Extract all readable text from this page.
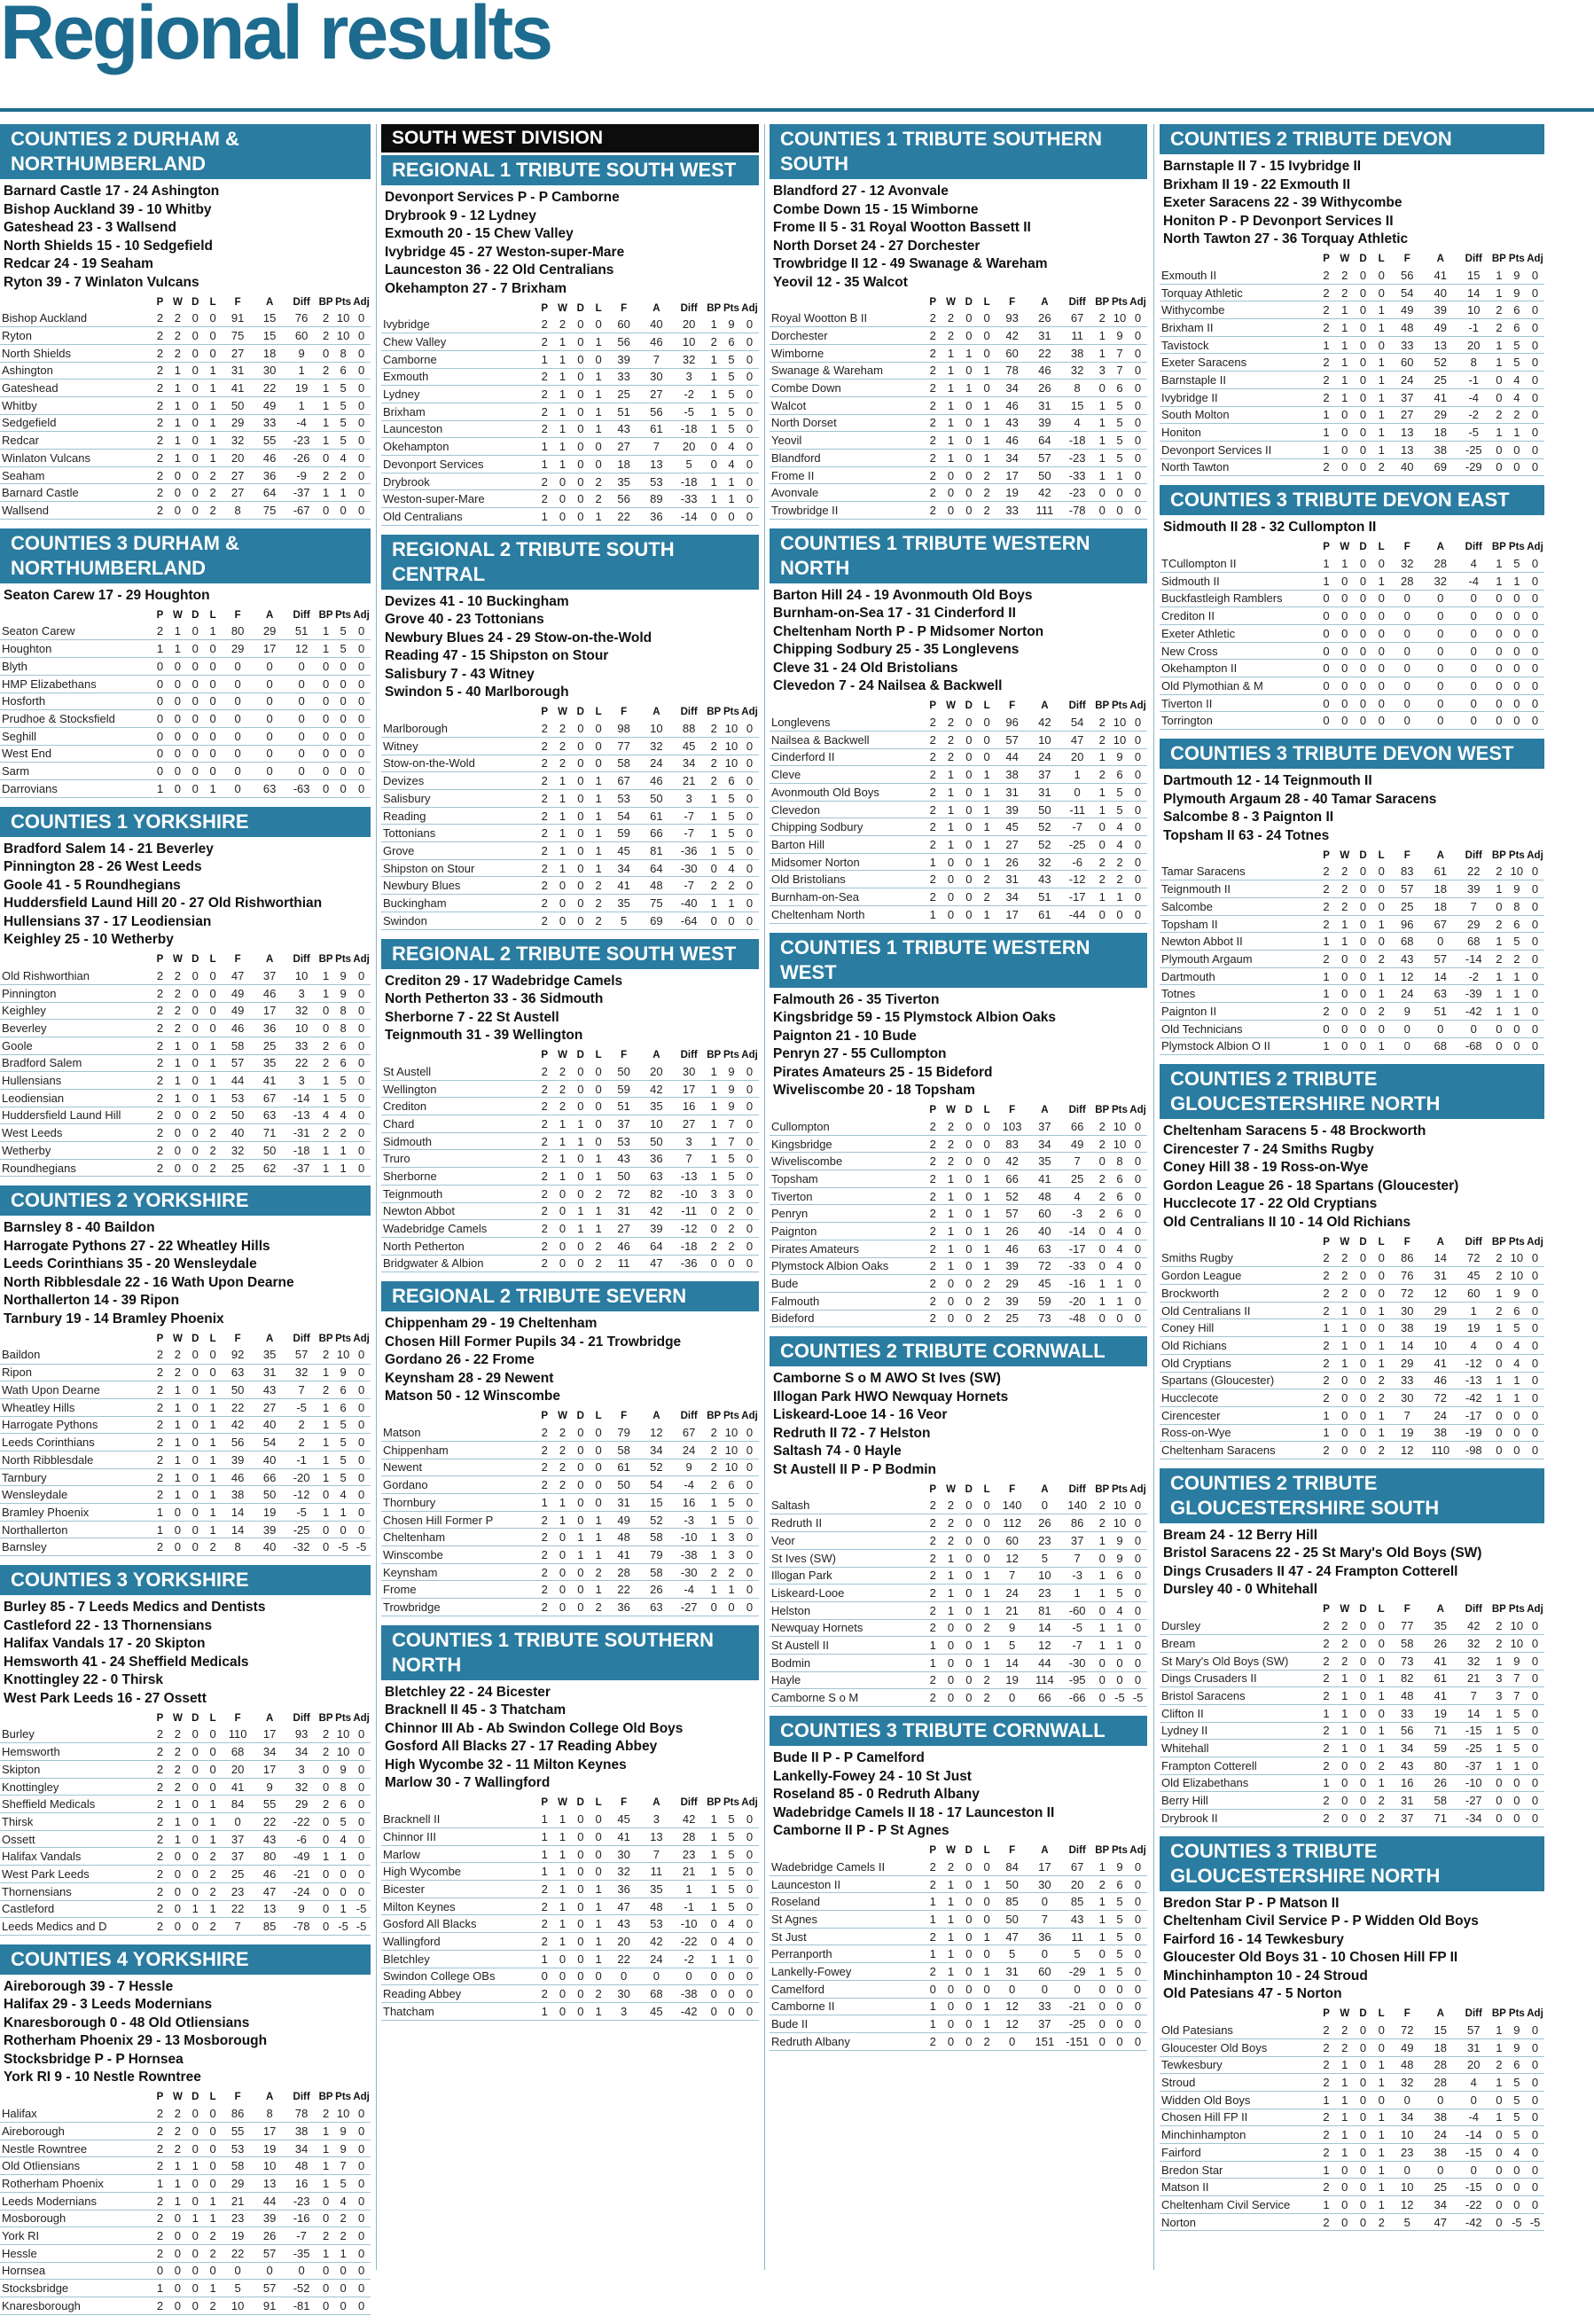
Regional results
COUNTIES 2 DURHAM & NORTHUMBERLAND
Barnard Castle 17 - 24 Ashington
Bishop Auckland 39 - 10 Whitby
Gateshead 23 - 3 Wallsend
North Shields 15 - 10 Sedgefield
Redcar 24 - 19 Seaham
Ryton 39 - 7 Winlaton Vulcans
	P	W	D	L	F	A	Diff	BP	Pts	Adj
Bishop Auckland	2	2	0	0	91	15	76	2	10	0
Ryton	2	2	0	0	75	15	60	2	10	0
North Shields	2	2	0	0	27	18	9	0	8	0
Ashington	2	1	0	1	31	30	1	2	6	0
Gateshead	2	1	0	1	41	22	19	1	5	0
Whitby	2	1	0	1	50	49	1	1	5	0
Sedgefield	2	1	0	1	29	33	-4	1	5	0
Redcar	2	1	0	1	32	55	-23	1	5	0
Winlaton Vulcans	2	1	0	1	20	46	-26	0	4	0
Seaham	2	0	0	2	27	36	-9	2	2	0
Barnard Castle	2	0	0	2	27	64	-37	1	1	0
Wallsend	2	0	0	2	8	75	-67	0	0	0
COUNTIES 3 DURHAM & NORTHUMBERLAND
Seaton Carew 17 - 29 Houghton
	P	W	D	L	F	A	Diff	BP	Pts	Adj
Seaton Carew	2	1	0	1	80	29	51	1	5	0
Houghton	1	1	0	0	29	17	12	1	5	0
Blyth	0	0	0	0	0	0	0	0	0	0
HMP Elizabethans	0	0	0	0	0	0	0	0	0	0
Hosforth	0	0	0	0	0	0	0	0	0	0
Prudhoe & Stocksfield	0	0	0	0	0	0	0	0	0	0
Seghill	0	0	0	0	0	0	0	0	0	0
West End	0	0	0	0	0	0	0	0	0	0
Sarm	0	0	0	0	0	0	0	0	0	0
Darrovians	1	0	0	1	0	63	-63	0	0	0
COUNTIES 1 YORKSHIRE
Bradford Salem 14 - 21 Beverley
Pinnington 28 - 26 West Leeds
Goole 41 - 5 Roundhegians
Huddersfield Laund Hill 20 - 27 Old Rishworthian
Hullensians 37 - 17 Leodiensian
Keighley 25 - 10 Wetherby
	P	W	D	L	F	A	Diff	BP	Pts	Adj
Old Rishworthian	2	2	0	0	47	37	10	1	9	0
Pinnington	2	2	0	0	49	46	3	1	9	0
Keighley	2	2	0	0	49	17	32	0	8	0
Beverley	2	2	0	0	46	36	10	0	8	0
Goole	2	1	0	1	58	25	33	2	6	0
Bradford Salem	2	1	0	1	57	35	22	2	6	0
Hullensians	2	1	0	1	44	41	3	1	5	0
Leodiensian	2	1	0	1	53	67	-14	1	5	0
Huddersfield Laund Hill	2	0	0	2	50	63	-13	4	4	0
West Leeds	2	0	0	2	40	71	-31	2	2	0
Wetherby	2	0	0	2	32	50	-18	1	1	0
Roundhegians	2	0	0	2	25	62	-37	1	1	0
COUNTIES 2 YORKSHIRE
Barnsley 8 - 40 Baildon
Harrogate Pythons 27 - 22 Wheatley Hills
Leeds Corinthians 35 - 20 Wensleydale
North Ribblesdale 22 - 16 Wath Upon Dearne
Northallerton 14 - 39 Ripon
Tarnbury 19 - 14 Bramley Phoenix
	P	W	D	L	F	A	Diff	BP	Pts	Adj
Baildon	2	2	0	0	92	35	57	2	10	0
Ripon	2	2	0	0	63	31	32	1	9	0
Wath Upon Dearne	2	1	0	1	50	43	7	2	6	0
Wheatley Hills	2	1	0	1	22	27	-5	1	6	0
Harrogate Pythons	2	1	0	1	42	40	2	1	5	0
Leeds Corinthians	2	1	0	1	56	54	2	1	5	0
North Ribblesdale	2	1	0	1	39	40	-1	1	5	0
Tarnbury	2	1	0	1	46	66	-20	1	5	0
Wensleydale	2	1	0	1	38	50	-12	0	4	0
Bramley Phoenix	1	0	0	1	14	19	-5	1	1	0
Northallerton	1	0	0	1	14	39	-25	0	0	0
Barnsley	2	0	0	2	8	40	-32	0	-5	-5
COUNTIES 3 YORKSHIRE
Burley 85 - 7 Leeds Medics and Dentists
Castleford 22 - 13 Thornensians
Halifax Vandals 17 - 20 Skipton
Hemsworth 41 - 24 Sheffield Medicals
Knottingley 22 - 0 Thirsk
West Park Leeds 16 - 27 Ossett
	P	W	D	L	F	A	Diff	BP	Pts	Adj
Burley	2	2	0	0	110	17	93	2	10	0
Hemsworth	2	2	0	0	68	34	34	2	10	0
Skipton	2	2	0	0	20	17	3	0	9	0
Knottingley	2	2	0	0	41	9	32	0	8	0
Sheffield Medicals	2	1	0	1	84	55	29	2	6	0
Thirsk	2	1	0	1	0	22	-22	0	5	0
Ossett	2	1	0	1	37	43	-6	0	4	0
Halifax Vandals	2	0	0	2	37	80	-49	1	1	0
West Park Leeds	2	0	0	2	25	46	-21	0	0	0
Thornensians	2	0	0	2	23	47	-24	0	0	0
Castleford	2	0	1	1	22	13	9	0	1	-5
Leeds Medics and D	2	0	0	2	7	85	-78	0	-5	-5
COUNTIES 4 YORKSHIRE
Aireborough 39 - 7 Hessle
Halifax 29 - 3 Leeds Modernians
Knaresborough 0 - 48 Old Otliensians
Rotherham Phoenix 29 - 13 Mosborough
Stocksbridge P - P Hornsea
York RI 9 - 10 Nestle Rowntree
	P	W	D	L	F	A	Diff	BP	Pts	Adj
Halifax	2	2	0	0	86	8	78	2	10	0
Aireborough	2	2	0	0	55	17	38	1	9	0
Nestle Rowntree	2	2	0	0	53	19	34	1	9	0
Old Otliensians	2	1	1	0	58	10	48	1	7	0
Rotherham Phoenix	1	1	0	0	29	13	16	1	5	0
Leeds Modernians	2	1	0	1	21	44	-23	0	4	0
Mosborough	2	0	1	1	23	39	-16	0	2	0
York RI	2	0	0	2	19	26	-7	2	2	0
Hessle	2	0	0	2	22	57	-35	1	1	0
Hornsea	0	0	0	0	0	0	0	0	0	0
Stocksbridge	1	0	0	1	5	57	-52	0	0	0
Knaresborough	2	0	0	2	10	91	-81	0	0	0
SOUTH WEST DIVISION
REGIONAL 1 TRIBUTE SOUTH WEST
Devonport Services P - P Camborne
Drybrook 9 - 12 Lydney
Exmouth 20 - 15 Chew Valley
Ivybridge 45 - 27 Weston-super-Mare
Launceston 36 - 22 Old Centralians
Okehampton 27 - 7 Brixham
	P	W	D	L	F	A	Diff	BP	Pts	Adj
Ivybridge	2	2	0	0	60	40	20	1	9	0
Chew Valley	2	1	0	1	56	46	10	2	6	0
Camborne	1	1	0	0	39	7	32	1	5	0
Exmouth	2	1	0	1	33	30	3	1	5	0
Lydney	2	1	0	1	25	27	-2	1	5	0
Brixham	2	1	0	1	51	56	-5	1	5	0
Launceston	2	1	0	1	43	61	-18	1	5	0
Okehampton	1	1	0	0	27	7	20	0	4	0
Devonport Services	1	1	0	0	18	13	5	0	4	0
Drybrook	2	0	0	2	35	53	-18	1	1	0
Weston-super-Mare	2	0	0	2	56	89	-33	1	1	0
Old Centralians	1	0	0	1	22	36	-14	0	0	0
REGIONAL 2 TRIBUTE SOUTH CENTRAL
Devizes 41 - 10 Buckingham
Grove 40 - 23 Tottonians
Newbury Blues 24 - 29 Stow-on-the-Wold
Reading 47 - 15 Shipston on Stour
Salisbury 7 - 43 Witney
Swindon 5 - 40 Marlborough
	P	W	D	L	F	A	Diff	BP	Pts	Adj
Marlborough	2	2	0	0	98	10	88	2	10	0
Witney	2	2	0	0	77	32	45	2	10	0
Stow-on-the-Wold	2	2	0	0	58	24	34	2	10	0
Devizes	2	1	0	1	67	46	21	2	6	0
Salisbury	2	1	0	1	53	50	3	1	5	0
Reading	2	1	0	1	54	61	-7	1	5	0
Tottonians	2	1	0	1	59	66	-7	1	5	0
Grove	2	1	0	1	45	81	-36	1	5	0
Shipston on Stour	2	1	0	1	34	64	-30	0	4	0
Newbury Blues	2	0	0	2	41	48	-7	2	2	0
Buckingham	2	0	0	2	35	75	-40	1	1	0
Swindon	2	0	0	2	5	69	-64	0	0	0
REGIONAL 2 TRIBUTE SOUTH WEST
Crediton 29 - 17 Wadebridge Camels
North Petherton 33 - 36 Sidmouth
Sherborne 7 - 22 St Austell
Teignmouth 31 - 39 Wellington
	P	W	D	L	F	A	Diff	BP	Pts	Adj
St Austell	2	2	0	0	50	20	30	1	9	0
Wellington	2	2	0	0	59	42	17	1	9	0
Crediton	2	2	0	0	51	35	16	1	9	0
Chard	2	1	1	0	37	10	27	1	7	0
Sidmouth	2	1	1	0	53	50	3	1	7	0
Truro	2	1	0	1	43	36	7	1	5	0
Sherborne	2	1	0	1	50	63	-13	1	5	0
Teignmouth	2	0	0	2	72	82	-10	3	3	0
Newton Abbot	2	0	1	1	31	42	-11	0	2	0
Wadebridge Camels	2	0	1	1	27	39	-12	0	2	0
North Petherton	2	0	0	2	46	64	-18	2	2	0
Bridgwater & Albion	2	0	0	2	11	47	-36	0	0	0
REGIONAL 2 TRIBUTE SEVERN
Chippenham 29 - 19 Cheltenham
Chosen Hill Former Pupils 34 - 21 Trowbridge
Gordano 26 - 22 Frome
Keynsham 28 - 29 Newent
Matson 50 - 12 Winscombe
	P	W	D	L	F	A	Diff	BP	Pts	Adj
Matson	2	2	0	0	79	12	67	2	10	0
Chippenham	2	2	0	0	58	34	24	2	10	0
Newent	2	2	0	0	61	52	9	2	10	0
Gordano	2	2	0	0	50	54	-4	2	6	0
Thornbury	1	1	0	0	31	15	16	1	5	0
Chosen Hill Former P	2	1	0	1	49	52	-3	1	5	0
Cheltenham	2	0	1	1	48	58	-10	1	3	0
Winscombe	2	0	1	1	41	79	-38	1	3	0
Keynsham	2	0	0	2	28	58	-30	2	2	0
Frome	2	0	0	1	22	26	-4	1	1	0
Trowbridge	2	0	0	2	36	63	-27	0	0	0
COUNTIES 1 TRIBUTE SOUTHERN NORTH
Bletchley 22 - 24 Bicester
Bracknell II 45 - 3 Thatcham
Chinnor III Ab - Ab Swindon College Old Boys
Gosford All Blacks 27 - 17 Reading Abbey
High Wycombe 32 - 11 Milton Keynes
Marlow 30 - 7 Wallingford
	P	W	D	L	F	A	Diff	BP	Pts	Adj
Bracknell II	1	1	0	0	45	3	42	1	5	0
Chinnor III	1	1	0	0	41	13	28	1	5	0
Marlow	1	1	0	0	30	7	23	1	5	0
High Wycombe	1	1	0	0	32	11	21	1	5	0
Bicester	2	1	0	1	36	35	1	1	5	0
Milton Keynes	2	1	0	1	47	48	-1	1	5	0
Gosford All Blacks	2	1	0	1	43	53	-10	0	4	0
Wallingford	2	1	0	1	20	42	-22	0	4	0
Bletchley	1	0	0	1	22	24	-2	1	1	0
Swindon College OBs	0	0	0	0	0	0	0	0	0	0
Reading Abbey	2	0	0	2	30	68	-38	0	0	0
Thatcham	1	0	0	1	3	45	-42	0	0	0
COUNTIES 1 TRIBUTE SOUTHERN SOUTH
Blandford 27 - 12 Avonvale
Combe Down 15 - 15 Wimborne
Frome II 5 - 31 Royal Wootton Bassett II
North Dorset 24 - 27 Dorchester
Trowbridge II 12 - 49 Swanage & Wareham
Yeovil 12 - 35 Walcot
	P	W	D	L	F	A	Diff	BP	Pts	Adj
Royal Wootton B II	2	2	0	0	93	26	67	2	10	0
Dorchester	2	2	0	0	42	31	11	1	9	0
Wimborne	2	1	1	0	60	22	38	1	7	0
Swanage & Wareham	2	1	0	1	78	46	32	3	7	0
Combe Down	2	1	1	0	34	26	8	0	6	0
Walcot	2	1	0	1	46	31	15	1	5	0
North Dorset	2	1	0	1	43	39	4	1	5	0
Yeovil	2	1	0	1	46	64	-18	1	5	0
Blandford	2	1	0	1	34	57	-23	1	5	0
Frome II	2	0	0	2	17	50	-33	1	1	0
Avonvale	2	0	0	2	19	42	-23	0	0	0
Trowbridge II	2	0	0	2	33	111	-78	0	0	0
COUNTIES 1 TRIBUTE WESTERN NORTH
Barton Hill 24 - 19 Avonmouth Old Boys
Burnham-on-Sea 17 - 31 Cinderford II
Cheltenham North P - P Midsomer Norton
Chipping Sodbury 25 - 35 Longlevens
Cleve 31 - 24 Old Bristolians
Clevedon 7 - 24 Nailsea & Backwell
	P	W	D	L	F	A	Diff	BP	Pts	Adj
Longlevens	2	2	0	0	96	42	54	2	10	0
Nailsea & Backwell	2	2	0	0	57	10	47	2	10	0
Cinderford II	2	2	0	0	44	24	20	1	9	0
Cleve	2	1	0	1	38	37	1	2	6	0
Avonmouth Old Boys	2	1	0	1	31	31	0	1	5	0
Clevedon	2	1	0	1	39	50	-11	1	5	0
Chipping Sodbury	2	1	0	1	45	52	-7	0	4	0
Barton Hill	2	1	0	1	27	52	-25	0	4	0
Midsomer Norton	1	0	0	1	26	32	-6	2	2	0
Old Bristolians	2	0	0	2	31	43	-12	2	2	0
Burnham-on-Sea	2	0	0	2	34	51	-17	1	1	0
Cheltenham North	1	0	0	1	17	61	-44	0	0	0
COUNTIES 1 TRIBUTE WESTERN WEST
Falmouth 26 - 35 Tiverton
Kingsbridge 59 - 15 Plymstock Albion Oaks
Paignton 21 - 10 Bude
Penryn 27 - 55 Cullompton
Pirates Amateurs 25 - 15 Bideford
Wiveliscombe 20 - 18 Topsham
	P	W	D	L	F	A	Diff	BP	Pts	Adj
Cullompton	2	2	0	0	103	37	66	2	10	0
Kingsbridge	2	2	0	0	83	34	49	2	10	0
Wiveliscombe	2	2	0	0	42	35	7	0	8	0
Topsham	2	1	0	1	66	41	25	2	6	0
Tiverton	2	1	0	1	52	48	4	2	6	0
Penryn	2	1	0	1	57	60	-3	2	6	0
Paignton	2	1	0	1	26	40	-14	0	4	0
Pirates Amateurs	2	1	0	1	46	63	-17	0	4	0
Plymstock Albion Oaks	2	1	0	1	39	72	-33	0	4	0
Bude	2	0	0	2	29	45	-16	1	1	0
Falmouth	2	0	0	2	39	59	-20	1	1	0
Bideford	2	0	0	2	25	73	-48	0	0	0
COUNTIES 2 TRIBUTE CORNWALL
Camborne S o M AWO St Ives (SW)
Illogan Park HWO Newquay Hornets
Liskeard-Looe 14 - 16 Veor
Redruth II 72 - 7 Helston
Saltash 74 - 0 Hayle
St Austell II P - P Bodmin
	P	W	D	L	F	A	Diff	BP	Pts	Adj
Saltash	2	2	0	0	140	0	140	2	10	0
Redruth II	2	2	0	0	112	26	86	2	10	0
Veor	2	2	0	0	60	23	37	1	9	0
St Ives (SW)	2	1	0	0	12	5	7	0	9	0
Illogan Park	2	1	0	1	7	10	-3	1	6	0
Liskeard-Looe	2	1	0	1	24	23	1	1	5	0
Helston	2	1	0	1	21	81	-60	0	4	0
Newquay Hornets	2	0	0	2	9	14	-5	1	1	0
St Austell II	1	0	0	1	5	12	-7	1	1	0
Bodmin	1	0	0	1	14	44	-30	0	0	0
Hayle	2	0	0	2	19	114	-95	0	0	0
Camborne S o M	2	0	0	2	0	66	-66	0	-5	-5
COUNTIES 3 TRIBUTE CORNWALL
Bude II P - P Camelford
Lankelly-Fowey 24 - 10 St Just
Roseland 85 - 0 Redruth Albany
Wadebridge Camels II 18 - 17 Launceston II
Camborne II P - P St Agnes
	P	W	D	L	F	A	Diff	BP	Pts	Adj
Wadebridge Camels II	2	2	0	0	84	17	67	1	9	0
Launceston II	2	1	0	1	50	30	20	2	6	0
Roseland	1	1	0	0	85	0	85	1	5	0
St Agnes	1	1	0	0	50	7	43	1	5	0
St Just	2	1	0	1	47	36	11	1	5	0
Perranporth	1	1	0	0	5	0	5	0	5	0
Lankelly-Fowey	2	1	0	1	31	60	-29	1	5	0
Camelford	0	0	0	0	0	0	0	0	0	0
Camborne II	1	0	0	1	12	33	-21	0	0	0
Bude II	1	0	0	1	12	37	-25	0	0	0
Redruth Albany	2	0	0	2	0	151	-151	0	0	0
COUNTIES 2 TRIBUTE DEVON
Barnstaple II 7 - 15 Ivybridge II
Brixham II 19 - 22 Exmouth II
Exeter Saracens 22 - 39 Withycombe
Honiton P - P Devonport Services II
North Tawton 27 - 36 Torquay Athletic
	P	W	D	L	F	A	Diff	BP	Pts	Adj
Exmouth II	2	2	0	0	56	41	15	1	9	0
Torquay Athletic	2	2	0	0	54	40	14	1	9	0
Withycombe	2	1	0	1	49	39	10	2	6	0
Brixham II	2	1	0	1	48	49	-1	2	6	0
Tavistock	1	1	0	0	33	13	20	1	5	0
Exeter Saracens	2	1	0	1	60	52	8	1	5	0
Barnstaple II	2	1	0	1	24	25	-1	0	4	0
Ivybridge II	2	1	0	1	37	41	-4	0	4	0
South Molton	1	0	0	1	27	29	-2	2	2	0
Honiton	1	0	0	1	13	18	-5	1	1	0
Devonport Services II	1	0	0	1	13	38	-25	0	0	0
North Tawton	2	0	0	2	40	69	-29	0	0	0
COUNTIES 3 TRIBUTE DEVON EAST
Sidmouth II 28 - 32 Cullompton II
	P	W	D	L	F	A	Diff	BP	Pts	Adj
TCullompton II	1	1	0	0	32	28	4	1	5	0
Sidmouth II	1	0	0	1	28	32	-4	1	1	0
Buckfastleigh Ramblers	0	0	0	0	0	0	0	0	0	0
Crediton II	0	0	0	0	0	0	0	0	0	0
Exeter Athletic	0	0	0	0	0	0	0	0	0	0
New Cross	0	0	0	0	0	0	0	0	0	0
Okehampton II	0	0	0	0	0	0	0	0	0	0
Old Plymothian & M	0	0	0	0	0	0	0	0	0	0
Tiverton II	0	0	0	0	0	0	0	0	0	0
Torrington	0	0	0	0	0	0	0	0	0	0
COUNTIES 3 TRIBUTE DEVON WEST
Dartmouth 12 - 14 Teignmouth II
Plymouth Argaum 28 - 40 Tamar Saracens
Salcombe 8 - 3 Paignton II
Topsham II 63 - 24 Totnes
	P	W	D	L	F	A	Diff	BP	Pts	Adj
Tamar Saracens	2	2	0	0	83	61	22	2	10	0
Teignmouth II	2	2	0	0	57	18	39	1	9	0
Salcombe	2	2	0	0	25	18	7	0	8	0
Topsham II	2	1	0	1	96	67	29	2	6	0
Newton Abbot II	1	1	0	0	68	0	68	1	5	0
Plymouth Argaum	2	0	0	2	43	57	-14	2	2	0
Dartmouth	1	0	0	1	12	14	-2	1	1	0
Totnes	1	0	0	1	24	63	-39	1	1	0
Paignton II	2	0	0	2	9	51	-42	1	1	0
Old Technicians	0	0	0	0	0	0	0	0	0	0
Plymstock Albion O II	1	0	0	1	0	68	-68	0	0	0
COUNTIES 2 TRIBUTE GLOUCESTERSHIRE NORTH
Cheltenham Saracens 5 - 48 Brockworth
Cirencester 7 - 24 Smiths Rugby
Coney Hill 38 - 19 Ross-on-Wye
Gordon League 26 - 18 Spartans (Gloucester)
Hucclecote 17 - 22 Old Cryptians
Old Centralians II 10 - 14 Old Richians
	P	W	D	L	F	A	Diff	BP	Pts	Adj
Smiths Rugby	2	2	0	0	86	14	72	2	10	0
Gordon League	2	2	0	0	76	31	45	2	10	0
Brockworth	2	2	0	0	72	12	60	1	9	0
Old Centralians II	2	1	0	1	30	29	1	2	6	0
Coney Hill	1	1	0	0	38	19	19	1	5	0
Old Richians	2	1	0	1	14	10	4	0	4	0
Old Cryptians	2	1	0	1	29	41	-12	0	4	0
Spartans (Gloucester)	2	0	0	2	33	46	-13	1	1	0
Hucclecote	2	0	0	2	30	72	-42	1	1	0
Cirencester	1	0	0	1	7	24	-17	0	0	0
Ross-on-Wye	1	0	0	1	19	38	-19	0	0	0
Cheltenham Saracens	2	0	0	2	12	110	-98	0	0	0
COUNTIES 2 TRIBUTE GLOUCESTERSHIRE SOUTH
Bream 24 - 12 Berry Hill
Bristol Saracens 22 - 25 St Mary's Old Boys (SW)
Dings Crusaders II 47 - 24 Frampton Cotterell
Dursley 40 - 0 Whitehall
	P	W	D	L	F	A	Diff	BP	Pts	Adj
Dursley	2	2	0	0	77	35	42	2	10	0
Bream	2	2	0	0	58	26	32	2	10	0
St Mary's Old Boys (SW)	2	2	0	0	73	41	32	1	9	0
Dings Crusaders II	2	1	0	1	82	61	21	3	7	0
Bristol Saracens	2	1	0	1	48	41	7	3	7	0
Clifton II	1	1	0	0	33	19	14	1	5	0
Lydney II	2	1	0	1	56	71	-15	1	5	0
Whitehall	2	1	0	1	34	59	-25	1	5	0
Frampton Cotterell	2	0	0	2	43	80	-37	1	1	0
Old Elizabethans	1	0	0	1	16	26	-10	0	0	0
Berry Hill	2	0	0	2	31	58	-27	0	0	0
Drybrook II	2	0	0	2	37	71	-34	0	0	0
COUNTIES 3 TRIBUTE GLOUCESTERSHIRE NORTH
Bredon Star P - P Matson II
Cheltenham Civil Service P - P Widden Old Boys
Fairford 16 - 14 Tewkesbury
Gloucester Old Boys 31 - 10 Chosen Hill FP II
Minchinhampton 10 - 24 Stroud
Old Patesians 47 - 5 Norton
	P	W	D	L	F	A	Diff	BP	Pts	Adj
Old Patesians	2	2	0	0	72	15	57	1	9	0
Gloucester Old Boys	2	2	0	0	49	18	31	1	9	0
Tewkesbury	2	1	0	1	48	28	20	2	6	0
Stroud	2	1	0	1	32	28	4	1	5	0
Widden Old Boys	1	1	0	0	0	0	0	0	5	0
Chosen Hill FP II	2	1	0	1	34	38	-4	1	5	0
Minchinhampton	2	1	0	1	10	24	-14	0	5	0
Fairford	2	1	0	1	23	38	-15	0	4	0
Bredon Star	1	0	0	1	0	0	0	0	0	0
Matson II	2	0	0	1	10	25	-15	0	0	0
Cheltenham Civil Service	1	0	0	1	12	34	-22	0	0	0
Norton	2	0	0	2	5	47	-42	0	-5	-5
